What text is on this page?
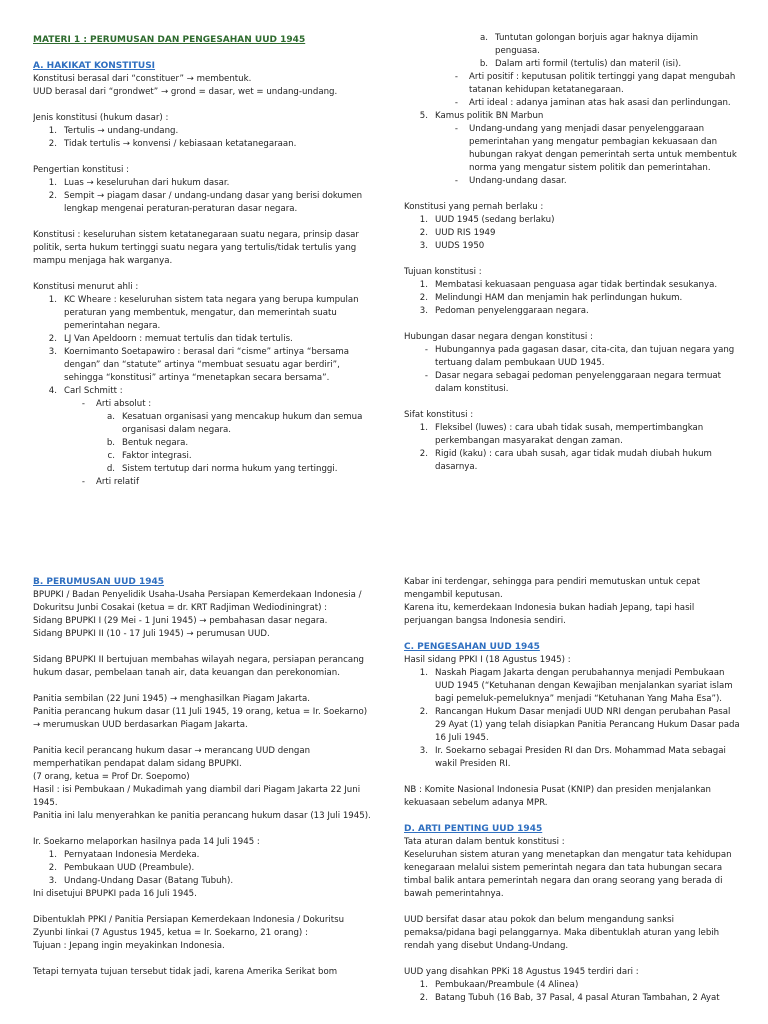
MATERI 1 : PERUMUSAN DAN PENGESAHAN UUD 1945

A. HAKIKAT KONSTITUSI

Konstitusi berasal dari “constituer” → membentuk.

UUD berasal dari “grondwet” → grond = dasar, wet = undang-undang.

Jenis konstitusi (hukum dasar) :

1. Tertulis → undang-undang.
2. Tidak tertulis → konvensi / kebiasaan ketatanegaraan.

Pengertian konstitusi :

1. Luas → keseluruhan dari hukum dasar.
2. Sempit → piagam dasar / undang-undang dasar yang berisi dokumen lengkap mengenai peraturan-peraturan dasar negara.

Konstitusi : keseluruhan sistem ketatanegaraan suatu negara, prinsip dasar politik, serta hukum tertinggi suatu negara yang tertulis/tidak tertulis yang mampu menjaga hak warganya.

Konstitusi menurut ahli :

1. KC Wheare : keseluruhan sistem tata negara yang berupa kumpulan peraturan yang membentuk, mengatur, dan memerintah suatu pemerintahan negara.
2. LJ Van Apeldoorn : memuat tertulis dan tidak tertulis.
3. Koernimanto Soetapawiro : berasal dari “cisme” artinya “bersama dengan” dan “statute” artinya “membuat sesuatu agar berdiri”, sehingga “konstitusi” artinya “menetapkan secara bersama”.
4. Carl Schmitt :
-	Arti absolut :
a. Kesatuan organisasi yang mencakup hukum dan semua organisasi dalam negara.
b. Bentuk negara.
c. Faktor integrasi.
d. Sistem tertutup dari norma hukum yang tertinggi.
-	Arti relatif
a. Tuntutan golongan borjuis agar haknya dijamin penguasa.
b. Dalam arti formil (tertulis) dan materil (isi).
-	Arti positif : keputusan politik tertinggi yang dapat mengubah tatanan kehidupan ketatanegaraan.
-	Arti ideal : adanya jaminan atas hak asasi dan perlindungan.
5. Kamus politik BN Marbun
-	Undang-undang yang menjadi dasar penyelenggaraan pemerintahan yang mengatur pembagian kekuasaan dan hubungan rakyat dengan pemerintah serta untuk membentuk norma yang mengatur sistem politik dan pemerintahan.
-	Undang-undang dasar.

Konstitusi yang pernah berlaku :

1. UUD 1945 (sedang berlaku)
2. UUD RIS 1949
3. UUDS 1950

Tujuan konstitusi :

1. Membatasi kekuasaan penguasa agar tidak bertindak sesukanya.
2. Melindungi HAM dan menjamin hak perlindungan hukum.
3. Pedoman penyelenggaraan negara.

Hubungan dasar negara dengan konstitusi :

- Hubungannya pada gagasan dasar, cita-cita, dan tujuan negara yang tertuang dalam pembukaan UUD 1945.
- Dasar negara sebagai pedoman penyelenggaraan negara termuat dalam konstitusi.

Sifat konstitusi :

1. Fleksibel (luwes) : cara ubah tidak susah, mempertimbangkan perkembangan masyarakat dengan zaman.
2. Rigid (kaku) : cara ubah susah, agar tidak mudah diubah hukum dasarnya.

B. PERUMUSAN UUD 1945

BPUPKI / Badan Penyelidik Usaha-Usaha Persiapan Kemerdekaan Indonesia / Dokuritsu Junbi Cosakai (ketua = dr. KRT Radjiman Wediodiningrat) :

Sidang BPUPKI I (29 Mei - 1 Juni 1945) → pembahasan dasar negara.

Sidang BPUPKI II (10 - 17 Juli 1945) → perumusan UUD.

Sidang BPUPKI II bertujuan membahas wilayah negara, persiapan perancang hukum dasar, pembelaan tanah air, data keuangan dan perekonomian.

Panitia sembilan (22 Juni 1945) → menghasilkan Piagam Jakarta.

Panitia perancang hukum dasar (11 Juli 1945, 19 orang, ketua = Ir. Soekarno) → merumuskan UUD berdasarkan Piagam Jakarta.

Panitia kecil perancang hukum dasar → merancang UUD dengan memperhatikan pendapat dalam sidang BPUPKI.

(7 orang, ketua = Prof Dr. Soepomo)

Hasil : isi Pembukaan / Mukadimah yang diambil dari Piagam Jakarta 22 Juni 1945.

Panitia ini lalu menyerahkan ke panitia perancang hukum dasar (13 Juli 1945).

Ir. Soekarno melaporkan hasilnya pada 14 Juli 1945 :

1. Pernyataan Indonesia Merdeka.
2. Pembukaan UUD (Preambule).
3. Undang-Undang Dasar (Batang Tubuh).

Ini disetujui BPUPKI pada 16 Juli 1945.

Dibentuklah PPKI / Panitia Persiapan Kemerdekaan Indonesia / Dokuritsu Zyunbi Iinkai (7 Agustus 1945, ketua = Ir. Soekarno, 21 orang) :

Tujuan : Jepang ingin meyakinkan Indonesia.

Tetapi ternyata tujuan tersebut tidak jadi, karena Amerika Serikat bom

Kabar ini terdengar, sehingga para pendiri memutuskan untuk cepat mengambil keputusan.

Karena itu, kemerdekaan Indonesia bukan hadiah Jepang, tapi hasil perjuangan bangsa Indonesia sendiri.

C. PENGESAHAN UUD 1945

Hasil sidang PPKI I (18 Agustus 1945) :

1. Naskah Piagam Jakarta dengan perubahannya menjadi Pembukaan UUD 1945 (“Ketuhanan dengan Kewajiban menjalankan syariat islam bagi pemeluk-pemeluknya” menjadi “Ketuhanan Yang Maha Esa”).
2. Rancangan Hukum Dasar menjadi UUD NRI dengan perubahan Pasal 29 Ayat (1) yang telah disiapkan Panitia Perancang Hukum Dasar pada 16 Juli 1945.
3. Ir. Soekarno sebagai Presiden RI dan Drs. Mohammad Mata sebagai wakil Presiden RI.

NB : Komite Nasional Indonesia Pusat (KNIP) dan presiden menjalankan kekuasaan sebelum adanya MPR.

D. ARTI PENTING UUD 1945

Tata aturan dalam bentuk konstitusi :

Keseluruhan sistem aturan yang menetapkan dan mengatur tata kehidupan kenegaraan melalui sistem pemerintah negara dan tata hubungan secara timbal balik antara pemerintah negara dan orang seorang yang berada di bawah pemerintahnya.

UUD bersifat dasar atau pokok dan belum mengandung sanksi pemaksa/pidana bagi pelanggarnya. Maka dibentuklah aturan yang lebih rendah yang disebut Undang-Undang.

UUD yang disahkan PPKi 18 Agustus 1945 terdiri dari :

1. Pembukaan/Preambule (4 Alinea)
2. Batang Tubuh (16 Bab, 37 Pasal, 4 pasal Aturan Tambahan, 2 Ayat
